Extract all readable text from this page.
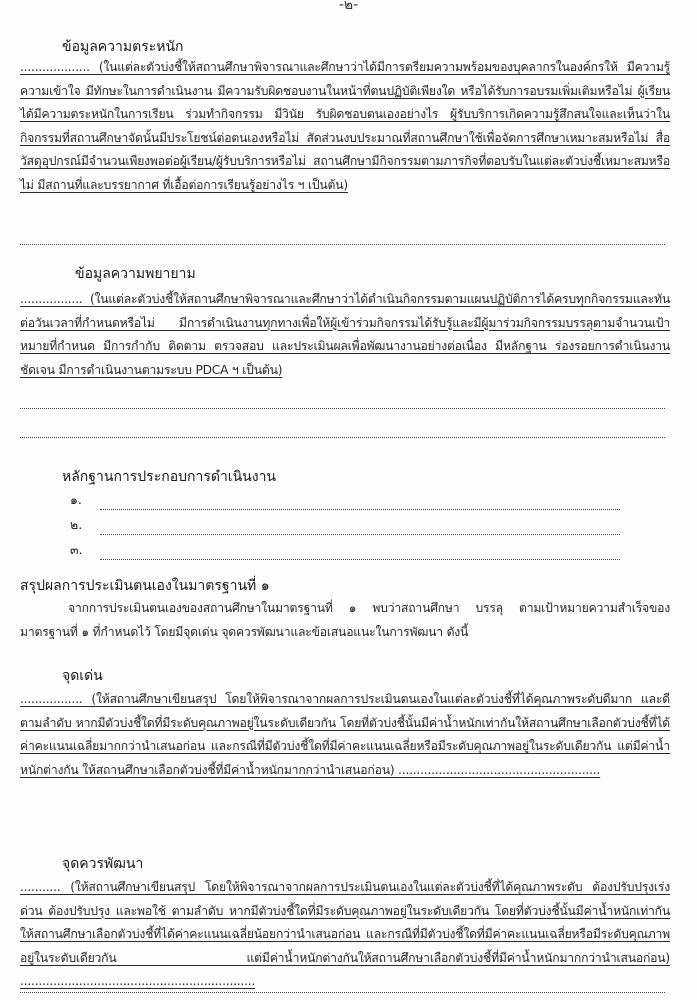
-๒-
ข้อมูลความตระหนัก
................... (ในแต่ละตัวบ่งชี้ให้สถานศึกษาพิจารณาและศึกษาว่าได้มีการตรียมความพร้อมของบุคลากรในองค์กรให้ มีความรู้ ความเข้าใจ มีทักษะในการดำเนินงาน มีความรับผิดชอบงานในหน้าที่ตนปฏิบัติเพียงใด หรือได้รับการอบรมเพิ่มเติมหรือไม่ ผู้เรียนได้มีความตระหนักในการเรียน ร่วมทำกิจกรรม มีวินัย รับผิดชอบตนเองอย่างไร ผู้รับบริการเกิดความรู้สึกสนใจและเห็นว่าในกิจกรรมที่สถานศึกษาจัดนั้นมีประโยชน์ต่อตนเองหรือไม่ สัดส่วนงบประมาณที่สถานศึกษาใช้เพื่อจัดการศึกษาเหมาะสมหรือไม่ สื่อ วัสดุอุปกรณ์มีจำนวนเพียงพอต่อผู้เรียน/ผู้รับบริการหรือไม่ สถานศึกษามีกิจกรรมตามภารกิจที่ตอบรับในแต่ละตัวบ่งชี้เหมาะสมหรือไม่ มีสถานที่และบรรยากาศ ที่เอื้อต่อการเรียนรู้อย่างไร ฯ เป็นต้น)
ข้อมูลความพยายาม
................. (ในแต่ละตัวบ่งชี้ให้สถานศึกษาพิจารณาและศึกษาว่าได้ดำเนินกิจกรรมตามแผนปฏิบัติการได้ครบทุกกิจกรรมและทันต่อวันเวลาที่กำหนดหรือไม่ มีการดำเนินงานทุกทางเพื่อให้ผู้เข้าร่วมกิจกรรมได้รับรู้และมีผู้มาร่วมกิจกรรมบรรลุตามจำนวนเป้าหมายที่กำหนด มีการกำกับ ติดตาม ตรวจสอบ และประเมินผลเพื่อพัฒนางานอย่างต่อเนื่อง มีหลักฐาน ร่องรอยการดำเนินงานชัดเจน มีการดำเนินงานตามระบบ PDCA ฯ เป็นต้น)
หลักฐานการประกอบการดำเนินงาน
๑.
๒.
๓.
สรุปผลการประเมินตนเองในมาตรฐานที่ ๑
จากการประเมินตนเองของสถานศึกษาในมาตรฐานที่ ๑ พบว่าสถานศึกษา บรรลุ ตามเป้าหมายความสำเร็จของมาตรฐานที่ ๑ ที่กำหนดไว้ โดยมีจุดเด่น จุดควรพัฒนาและข้อเสนอแนะในการพัฒนา ดังนี้
จุดเด่น
................. (ให้สถานศึกษาเขียนสรุป โดยให้พิจารณาจากผลการประเมินตนเองในแต่ละตัวบ่งชี้ที่ได้คุณภาพระดับดีมาก และดี ตามลำดับ หากมีตัวบ่งชี้ใดที่มีระดับคุณภาพอยู่ในระดับเดียวกัน โดยที่ตัวบ่งชี้นั้นมีค่าน้ำหนักเท่ากันให้สถานศึกษาเลือกตัวบ่งชี้ที่ได้ค่าคะแนนเฉลี่ยมากกว่านำเสนอก่อน และกรณีที่มีตัวบ่งชี้ใดที่มีค่าคะแนนเฉลี่ยหรือมีระดับคุณภาพอยู่ในระดับเดียวกัน แต่มีค่าน้ำหนักต่างกัน ให้สถานศึกษาเลือกตัวบ่งชี้ที่มีค่าน้ำหนักมากกว่านำเสนอก่อน) .......................................................
จุดควรพัฒนา
........... (ให้สถานศึกษาเขียนสรุป โดยให้พิจารณาจากผลการประเมินตนเองในแต่ละตัวบ่งชี้ที่ได้คุณภาพระดับ ต้องปรับปรุงเร่งด่วน ต้องปรับปรุง และพอใช้ ตามลำดับ หากมีตัวบ่งชี้ใดที่มีระดับคุณภาพอยู่ในระดับเดียวกัน โดยที่ตัวบ่งชี้นั้นมีค่าน้ำหนักเท่ากันให้สถานศึกษาเลือกตัวบ่งชี้ที่ได้ค่าคะแนนเฉลี่ยน้อยกว่านำเสนอก่อน และกรณีที่มีตัวบ่งชี้ใดที่มีค่าคะแนนเฉลี่ยหรือมีระดับคุณภาพอยู่ในระดับเดียวกัน แต่มีค่าน้ำหนักต่างกันให้สถานศึกษาเลือกตัวบ่งชี้ที่มีค่าน้ำหนักมากกว่านำเสนอก่อน) ................................................................
